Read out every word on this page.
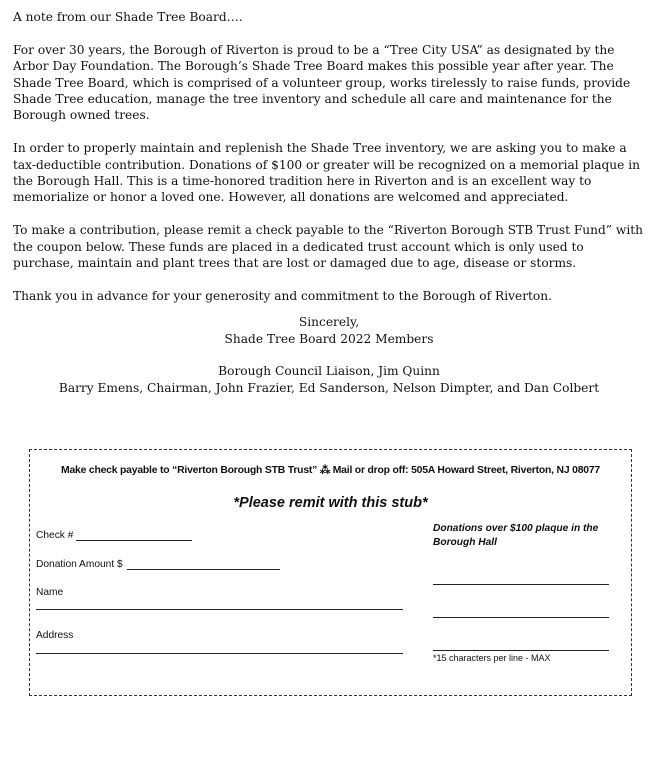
A note from our Shade Tree Board….

For over 30 years, the Borough of Riverton is proud to be a “Tree City USA” as designated by the Arbor Day Foundation. The Borough’s Shade Tree Board makes this possible year after year. The Shade Tree Board, which is comprised of a volunteer group, works tirelessly to raise funds, provide Shade Tree education, manage the tree inventory and schedule all care and maintenance for the Borough owned trees.

In order to properly maintain and replenish the Shade Tree inventory, we are asking you to make a tax-deductible contribution. Donations of $100 or greater will be recognized on a memorial plaque in the Borough Hall. This is a time-honored tradition here in Riverton and is an excellent way to memorialize or honor a loved one. However, all donations are welcomed and appreciated.

To make a contribution, please remit a check payable to the “Riverton Borough STB Trust Fund” with the coupon below. These funds are placed in a dedicated trust account which is only used to purchase, maintain and plant trees that are lost or damaged due to age, disease or storms.

Thank you in advance for your generosity and commitment to the Borough of Riverton.

Sincerely,
Shade Tree Board 2022 Members
Borough Council Liaison, Jim Quinn
Barry Emens, Chairman, John Frazier, Ed Sanderson, Nelson Dimpter, and Dan Colbert
Make check payable to “Riverton Borough STB Trust” ⁂ Mail or drop off: 505A Howard Street, Riverton, NJ 08077
*Please remit with this stub*
Check #
Donation Amount $
Name
Address
Donations over $100 plaque in the Borough Hall
*15 characters per line - MAX
